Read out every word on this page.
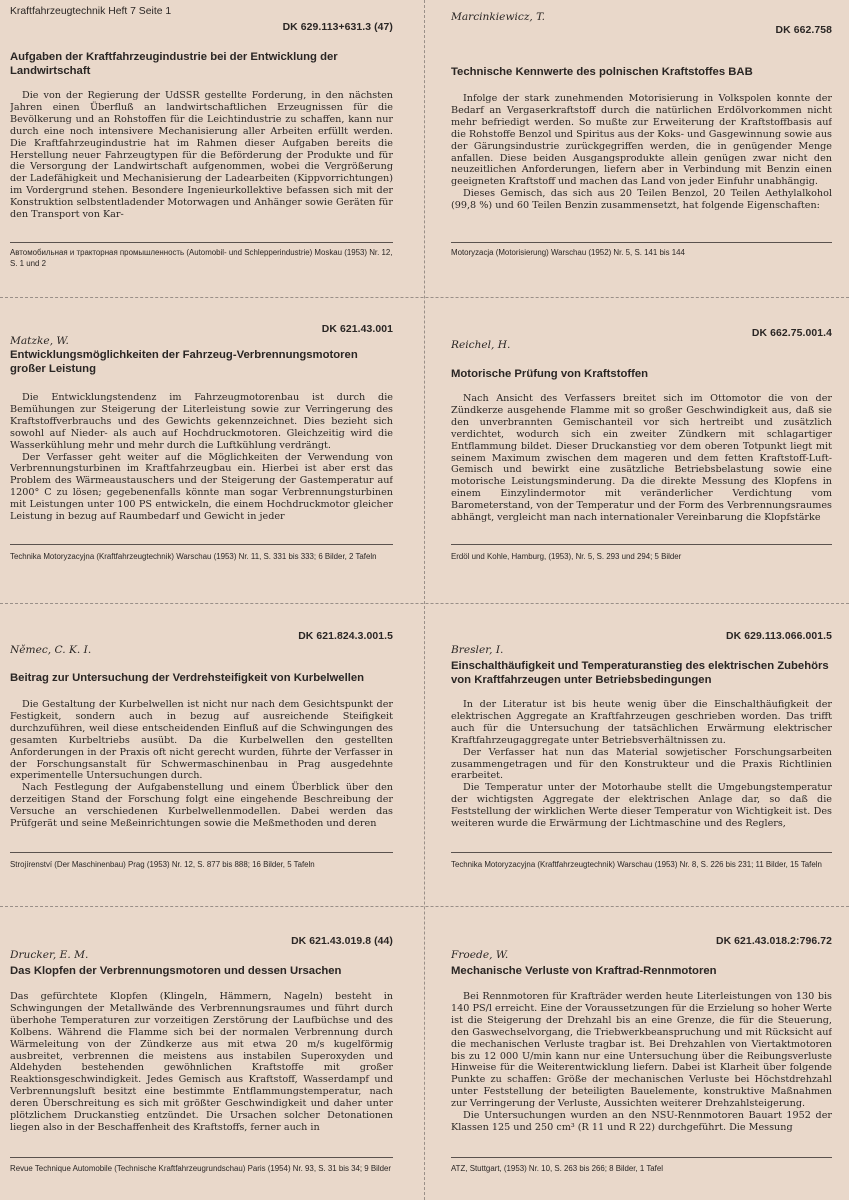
Kraftfahrzeugtechnik Heft 7 Seite 1
DK 629.113+631.3 (47)
Aufgaben der Kraftfahrzeugindustrie bei der Entwicklung der Landwirtschaft

Die von der Regierung der UdSSR gestellte Forderung, in den nächsten Jahren einen Überfluß an landwirtschaftlichen Erzeugnissen für die Bevölkerung und an Rohstoffen für die Leichtindustrie zu schaffen, kann nur durch eine noch intensivere Mechanisierung aller Arbeiten erfüllt werden. Die Kraftfahrzeugindustrie hat im Rahmen dieser Aufgaben bereits die Herstellung neuer Fahrzeugtypen für die Beförderung der Produkte und für die Versorgung der Landwirtschaft aufgenommen, wobei die Vergrößerung der Ladefähigkeit und Mechanisierung der Ladearbeiten (Kippvorrichtungen) im Vordergrund stehen. Besondere Ingenieurkollektive befassen sich mit der Konstruktion selbstentladender Motorwagen und Anhänger sowie Geräten für den Transport von Kar-

Автомобильная и тракторная промышленность (Automobil- und Schlepperindustrie) Moskau (1953) Nr. 12, S. 1 und 2
Marcinkiewicz, T.
DK 662.758
Technische Kennwerte des polnischen Kraftstoffes BAB

Infolge der stark zunehmenden Motorisierung in Volkspolen konnte der Bedarf an Vergaserkraftstoff durch die natürlichen Erdölvorkommen nicht mehr befriedigt werden. So mußte zur Erweiterung der Kraftstoffbasis auf die Rohstoffe Benzol und Spiritus aus der Koks- und Gasgewinnung sowie aus der Gärungsindustrie zurückgegriffen werden, die in genügender Menge anfallen. Diese beiden Ausgangsprodukte allein genügen zwar nicht den neuzeitlichen Anforderungen, liefern aber in Verbindung mit Benzin einen geeigneten Kraftstoff und machen das Land von jeder Einfuhr unabhängig.

Dieses Gemisch, das sich aus 20 Teilen Benzol, 20 Teilen Aethylalkohol (99,8 %) und 60 Teilen Benzin zusammensetzt, hat folgende Eigenschaften:

Motoryzacja (Motorisierung) Warschau (1952) Nr. 5, S. 141 bis 144
DK 621.43.001
Matzke, W.
Entwicklungsmöglichkeiten der Fahrzeug-Verbrennungsmotoren großer Leistung

Die Entwicklungstendenz im Fahrzeugmotorenbau ist durch die Bemühungen zur Steigerung der Literleistung sowie zur Verringerung des Kraftstoffverbrauchs und des Gewichts gekennzeichnet. Dies bezieht sich sowohl auf Nieder- als auch auf Hochdruckmotoren. Gleichzeitig wird die Wasserkühlung mehr und mehr durch die Luftkühlung verdrängt.

Der Verfasser geht weiter auf die Möglichkeiten der Verwendung von Verbrennungsturbinen im Kraftfahrzeugbau ein. Hierbei ist aber erst das Problem des Wärmeaustauschers und der Steigerung der Gastemperatur auf 1200° C zu lösen; gegebenenfalls könnte man sogar Verbrennungsturbinen mit Leistungen unter 100 PS entwickeln, die einem Hochdruckmotor gleicher Leistung in bezug auf Raumbedarf und Gewicht in jeder

Technika Motoryzacyjna (Kraftfahrzeugtechnik) Warschau (1953) Nr. 11, S. 331 bis 333; 6 Bilder, 2 Tafeln
DK 662.75.001.4
Reichel, H.
Motorische Prüfung von Kraftstoffen

Nach Ansicht des Verfassers breitet sich im Ottomotor die von der Zündkerze ausgehende Flamme mit so großer Geschwindigkeit aus, daß sie den unverbrannten Gemischanteil vor sich hertreibt und zusätzlich verdichtet, wodurch sich ein zweiter Zündkern mit schlagartiger Entflammung bildet. Dieser Druckanstieg vor dem oberen Totpunkt liegt mit seinem Maximum zwischen dem mageren und dem fetten Kraftstoff-Luft-Gemisch und bewirkt eine zusätzliche Betriebsbelastung sowie eine motorische Leistungsminderung. Da die direkte Messung des Klopfens in einem Einzylindermotor mit veränderlicher Verdichtung vom Barometerstand, von der Temperatur und der Form des Verbrennungsraumes abhängt, vergleicht man nach internationaler Vereinbarung die Klopfstärke

Erdöl und Kohle, Hamburg, (1953), Nr. 5, S. 293 und 294; 5 Bilder
DK 621.824.3.001.5
Němec, C. K. I.
Beitrag zur Untersuchung der Verdrehsteifigkeit von Kurbelwellen

Die Gestaltung der Kurbelwellen ist nicht nur nach dem Gesichtspunkt der Festigkeit, sondern auch in bezug auf ausreichende Steifigkeit durchzuführen, weil diese entscheidenden Einfluß auf die Schwingungen des gesamten Kurbeltriebs ausübt. Da die Kurbelwellen den gestellten Anforderungen in der Praxis oft nicht gerecht wurden, führte der Verfasser in der Forschungsanstalt für Schwermaschinenbau in Prag ausgedehnte experimentelle Untersuchungen durch.

Nach Festlegung der Aufgabenstellung und einem Überblick über den derzeitigen Stand der Forschung folgt eine eingehende Beschreibung der Versuche an verschiedenen Kurbelwellenmodellen. Dabei werden das Prüfgerät und seine Meßeinrichtungen sowie die Meßmethoden und deren

Strojírenství (Der Maschinenbau) Prag (1953) Nr. 12, S. 877 bis 888; 16 Bilder, 5 Tafeln
DK 629.113.066.001.5
Bresler, I.
Einschalthäufigkeit und Temperaturanstieg des elektrischen Zubehörs von Kraftfahrzeugen unter Betriebsbedingungen

In der Literatur ist bis heute wenig über die Einschalthäufigkeit der elektrischen Aggregate an Kraftfahrzeugen geschrieben worden. Das trifft auch für die Untersuchung der tatsächlichen Erwärmung elektrischer Kraftfahrzeugaggregate unter Betriebsverhältnissen zu.

Der Verfasser hat nun das Material sowjetischer Forschungsarbeiten zusammengetragen und für den Konstrukteur und die Praxis Richtlinien erarbeitet.

Die Temperatur unter der Motorhaube stellt die Umgebungstemperatur der wichtigsten Aggregate der elektrischen Anlage dar, so daß die Feststellung der wirklichen Werte dieser Temperatur von Wichtigkeit ist. Des weiteren wurde die Erwärmung der Lichtmaschine und des Reglers,

Technika Motoryzacyjna (Kraftfahrzeugtechnik) Warschau (1953) Nr. 8, S. 226 bis 231; 11 Bilder, 15 Tafeln
DK 621.43.019.8 (44)
Drucker, E. M.
Das Klopfen der Verbrennungsmotoren und dessen Ursachen

Das gefürchtete Klopfen (Klingeln, Hämmern, Nageln) besteht in Schwingungen der Metallwände des Verbrennungsraumes und führt durch überhohe Temperaturen zur vorzeitigen Zerstörung der Laufbüchse und des Kolbens. Während die Flamme sich bei der normalen Verbrennung durch Wärmeleitung von der Zündkerze aus mit etwa 20 m/s kugelförmig ausbreitet, verbrennen die meistens aus instabilen Superoxyden und Aldehyden bestehenden gewöhnlichen Kraftstoffe mit großer Reaktionsgeschwindigkeit. Jedes Gemisch aus Kraftstoff, Wasserdampf und Verbrennungsluft besitzt eine bestimmte Entflammungstemperatur, nach deren Überschreitung es sich mit größter Geschwindigkeit und daher unter plötzlichem Druckanstieg entzündet. Die Ursachen solcher Detonationen liegen also in der Beschaffenheit des Kraftstoffs, ferner auch in

Revue Technique Automobile (Technische Kraftfahrzeugrundschau) Paris (1954) Nr. 93, S. 31 bis 34; 9 Bilder
DK 621.43.018.2:796.72
Froede, W.
Mechanische Verluste von Kraftrad-Rennmotoren

Bei Rennmotoren für Krafträder werden heute Literleistungen von 130 bis 140 PS/l erreicht. Eine der Voraussetzungen für die Erzielung so hoher Werte ist die Steigerung der Drehzahl bis an eine Grenze, die für die Steuerung, den Gaswechselvorgang, die Triebwerkbeanspruchung und mit Rücksicht auf die mechanischen Verluste tragbar ist. Bei Drehzahlen von Viertaktmotoren bis zu 12 000 U/min kann nur eine Untersuchung über die Reibungsverluste Hinweise für die Weiterentwicklung liefern. Dabei ist Klarheit über folgende Punkte zu schaffen: Größe der mechanischen Verluste bei Höchstdrehzahl unter Feststellung der beteiligten Bauelemente, konstruktive Maßnahmen zur Verringerung der Verluste, Aussichten weiterer Drehzahlsteigerung.

Die Untersuchungen wurden an den NSU-Rennmotoren Bauart 1952 der Klassen 125 und 250 cm³ (R 11 und R 22) durchgeführt. Die Messung

ATZ, Stuttgart, (1953) Nr. 10, S. 263 bis 266; 8 Bilder, 1 Tafel
